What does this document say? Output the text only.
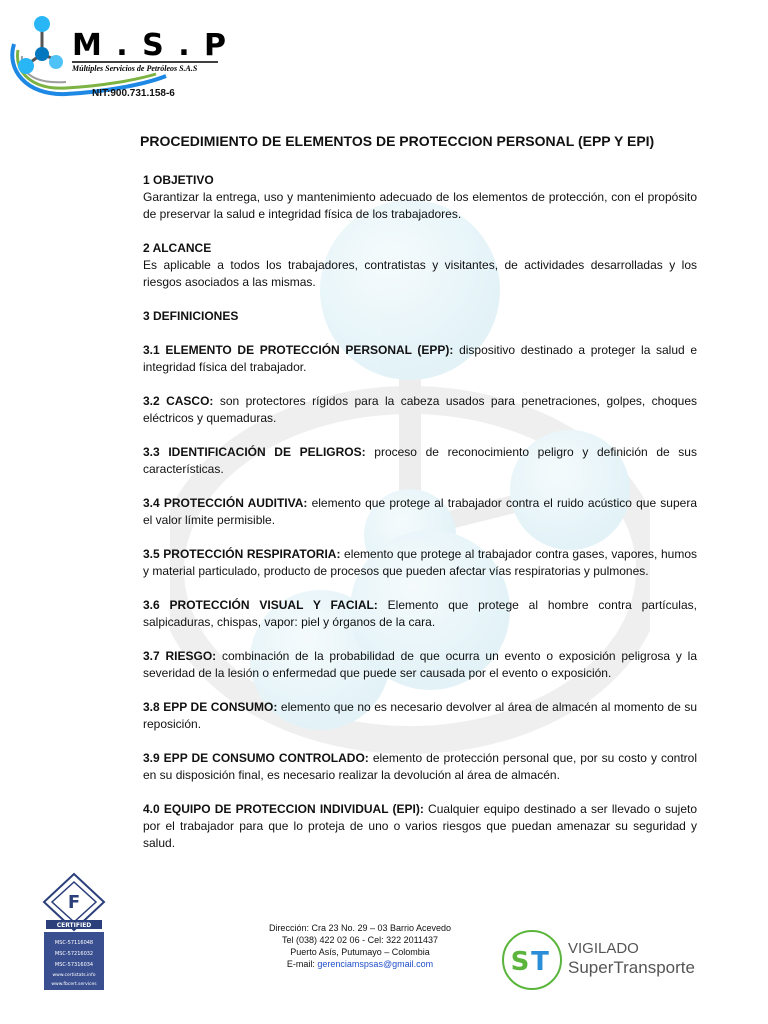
M . S . P
Múltiples Servicios de Petróleos S.A.S
NIT:900.731.158-6
PROCEDIMIENTO DE ELEMENTOS DE PROTECCION PERSONAL (EPP Y EPI)
1 OBJETIVO

Garantizar la entrega, uso y mantenimiento adecuado de los elementos de protección, con el propósito de preservar la salud e integridad física de los trabajadores.

2 ALCANCE

Es aplicable a todos los trabajadores, contratistas y visitantes, de actividades desarrolladas y los riesgos asociados a las mismas.

3 DEFINICIONES

3.1 ELEMENTO DE PROTECCIÓN PERSONAL (EPP): dispositivo destinado a proteger la salud e integridad física del trabajador.

3.2 CASCO: son protectores rígidos para la cabeza usados para penetraciones, golpes, choques eléctricos y quemaduras.

3.3 IDENTIFICACIÓN DE PELIGROS: proceso de reconocimiento peligro y definición de sus características.

3.4 PROTECCIÓN AUDITIVA: elemento que protege al trabajador contra el ruido acústico que supera el valor límite permisible.

3.5 PROTECCIÓN RESPIRATORIA: elemento que protege al trabajador contra gases, vapores, humos y material particulado, producto de procesos que pueden afectar vías respiratorias y pulmones.

3.6 PROTECCIÓN VISUAL Y FACIAL: Elemento que protege al hombre contra partículas, salpicaduras, chispas, vapor: piel y órganos de la cara.

3.7 RIESGO: combinación de la probabilidad de que ocurra un evento o exposición peligrosa y la severidad de la lesión o enfermedad que puede ser causada por el evento o exposición.

3.8 EPP DE CONSUMO: elemento que no es necesario devolver al área de almacén al momento de su reposición.

3.9 EPP DE CONSUMO CONTROLADO: elemento de protección personal que, por su costo y control en su disposición final, es necesario realizar la devolución al área de almacén.

4.0 EQUIPO DE PROTECCION INDIVIDUAL (EPI): Cualquier equipo destinado a ser llevado o sujeto por el trabajador para que lo proteja de uno o varios riesgos que puedan amenazar su seguridad y salud.

F
CERTIFIED
MSC-57116048
MSC-57216032
MSC-57316034
www.certistats.info
www.fbcert.services
Dirección: Cra 23 No. 29 – 03 Barrio Acevedo
Tel (038) 422 02 06 - Cel: 322 2011437
Puerto Asís, Putumayo – Colombia
E-mail: gerenciamspsas@gmail.com	S T VIGILADO
SuperTransporte
